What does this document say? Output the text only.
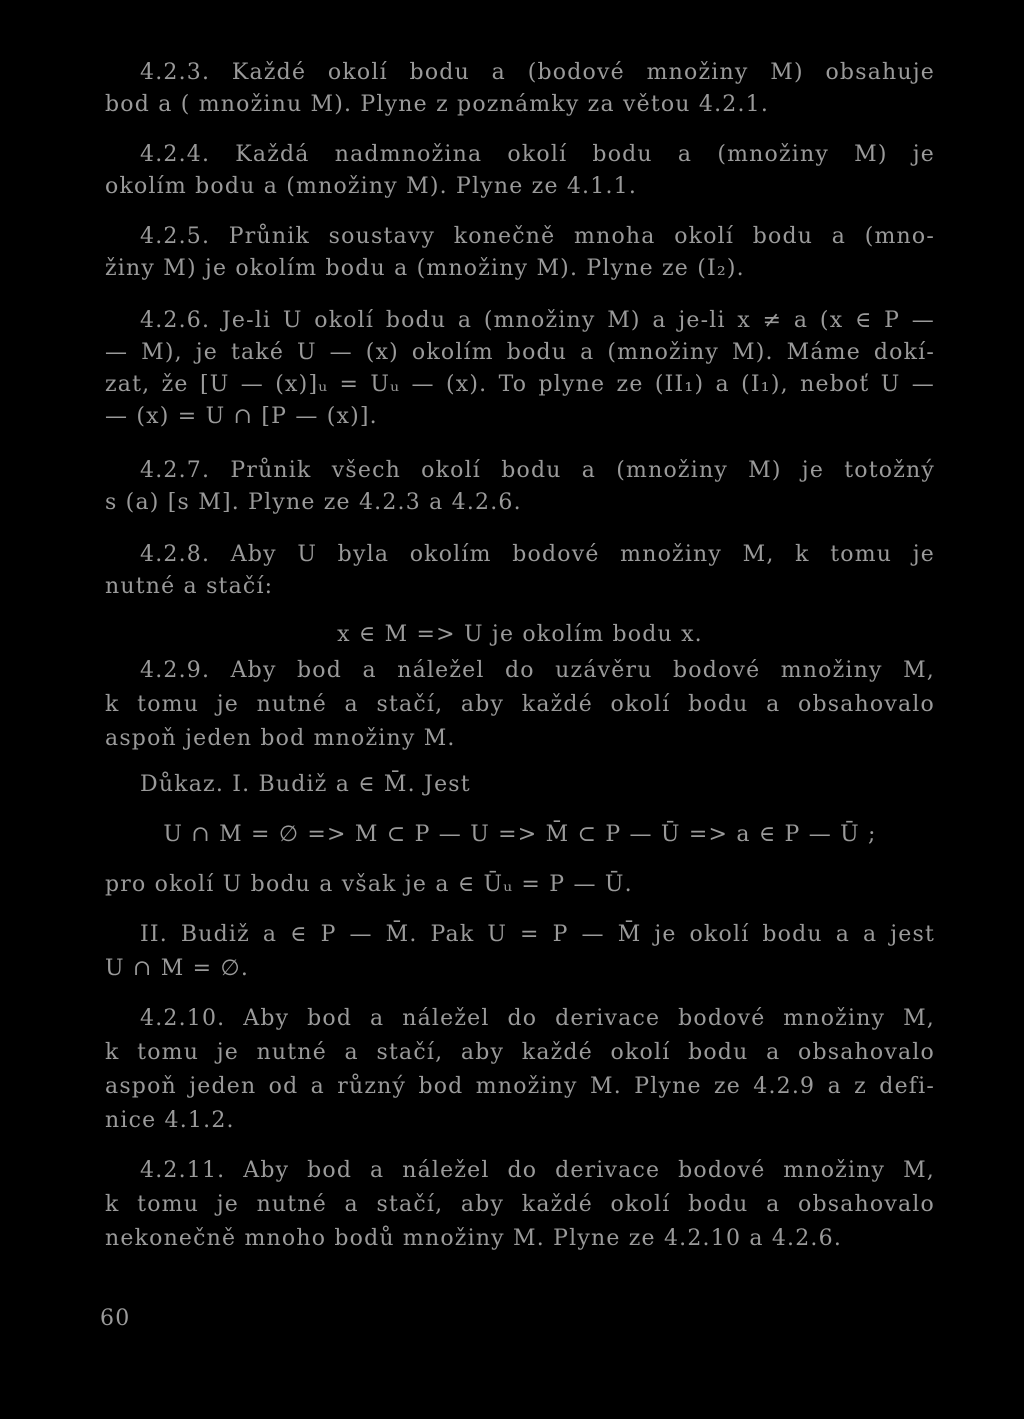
4.2.3. Každé okolí bodu a (bodové množiny M) obsahuje
bod a ( množinu M). Plyne z poznámky za větou 4.2.1.
4.2.4. Každá nadmnožina okolí bodu a (množiny M) je
okolím bodu a (množiny M). Plyne ze 4.1.1.
4.2.5. Průnik soustavy konečně mnoha okolí bodu a (mno-
žiny M) je okolím bodu a (množiny M). Plyne ze (I₂).
4.2.6. Je-li U okolí bodu a (množiny M) a je-li x ≠ a (x ∈ P —
— M), je také U — (x) okolím bodu a (množiny M). Máme dokí-
zat, že [U — (x)]ᵤ = Uᵤ — (x). To plyne ze (II₁) a (I₁), neboť U —
— (x) = U ∩ [P — (x)].
4.2.7. Průnik všech okolí bodu a (množiny M) je totožný
s (a) [s M]. Plyne ze 4.2.3 a 4.2.6.
4.2.8. Aby U byla okolím bodové množiny M, k tomu je
nutné a stačí:
x ∈ M => U je okolím bodu x.
4.2.9. Aby bod a náležel do uzávěru bodové množiny M,
k tomu je nutné a stačí, aby každé okolí bodu a obsahovalo
aspoň jeden bod množiny M.
Důkaz. I. Budiž a ∈ M̄. Jest
U ∩ M = ∅ => M ⊂ P — U => M̄ ⊂ P — Ū => a ∈ P — Ū ;
pro okolí U bodu a však je a ∈ Ūᵤ = P — Ū.
II. Budiž a ∈ P — M̄. Pak U = P — M̄ je okolí bodu a a jest
U ∩ M = ∅.
4.2.10. Aby bod a náležel do derivace bodové množiny M,
k tomu je nutné a stačí, aby každé okolí bodu a obsahovalo
aspoň jeden od a různý bod množiny M. Plyne ze 4.2.9 a z defi-
nice 4.1.2.
4.2.11. Aby bod a náležel do derivace bodové množiny M,
k tomu je nutné a stačí, aby každé okolí bodu a obsahovalo
nekonečně mnoho bodů množiny M. Plyne ze 4.2.10 a 4.2.6.
60
